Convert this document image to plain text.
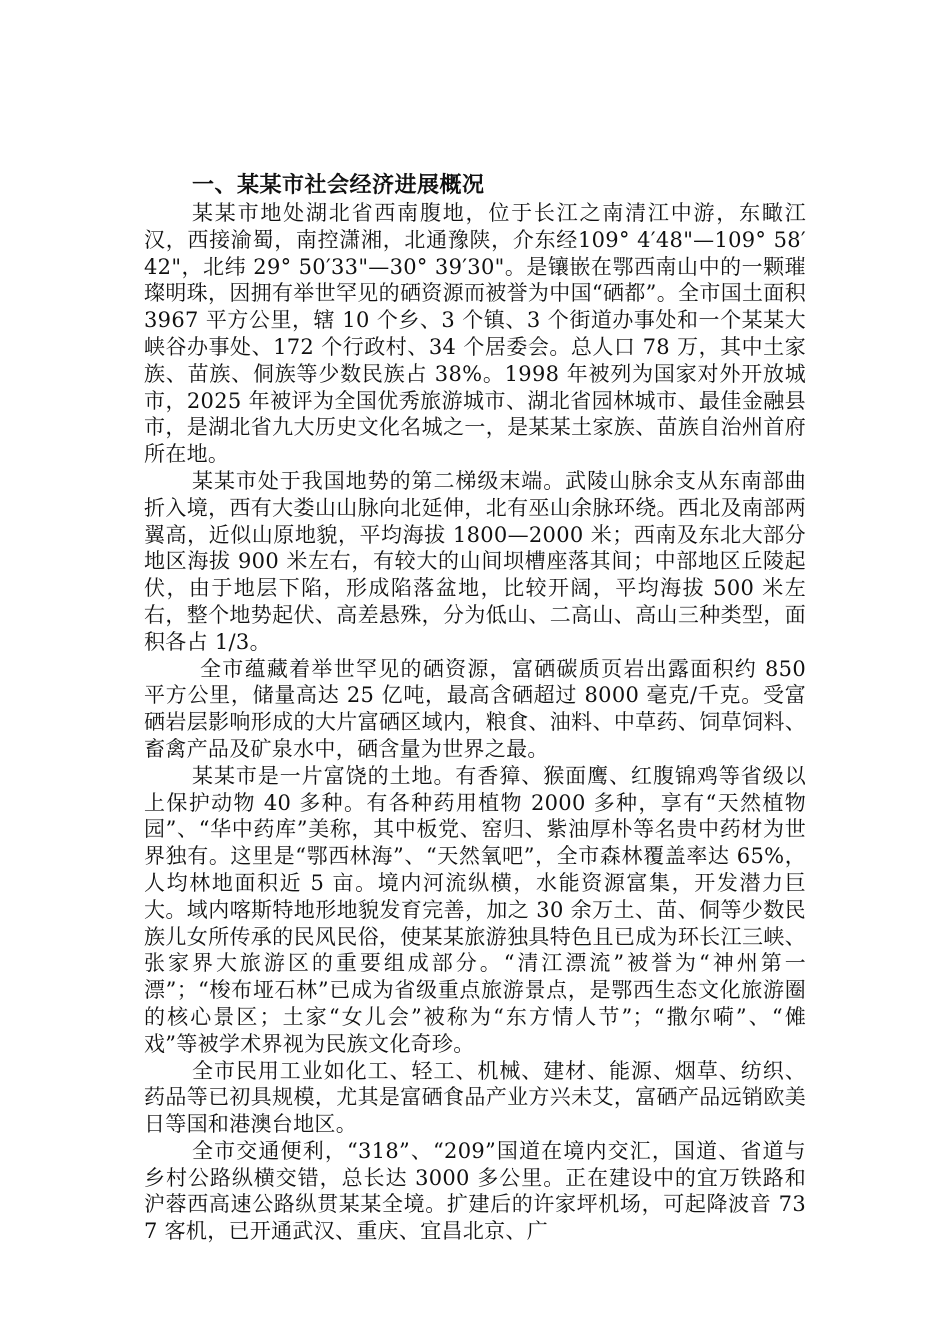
一、某某市社会经济进展概况

某某市地处湖北省西南腹地，位于长江之南清江中游，东瞰江汉，西接渝蜀，南控潇湘，北通豫陕，介东经109° 4′48"—109° 58′42"，北纬 29° 50′33"—30° 39′30"。是镶嵌在鄂西南山中的一颗璀璨明珠，因拥有举世罕见的硒资源而被誉为中国“硒都”。全市国土面积 3967 平方公里，辖 10 个乡、3 个镇、3 个街道办事处和一个某某大峡谷办事处、172 个行政村、34 个居委会。总人口 78 万，其中土家族、苗族、侗族等少数民族占 38%。1998 年被列为国家对外开放城市，2025 年被评为全国优秀旅游城市、湖北省园林城市、最佳金融县市，是湖北省九大历史文化名城之一，是某某土家族、苗族自治州首府所在地。

某某市处于我国地势的第二梯级末端。武陵山脉余支从东南部曲折入境，西有大娄山山脉向北延伸，北有巫山余脉环绕。西北及南部两翼高，近似山原地貌，平均海拔 1800—2000 米；西南及东北大部分地区海拔 900 米左右，有较大的山间坝槽座落其间；中部地区丘陵起伏，由于地层下陷，形成陷落盆地，比较开阔，平均海拔 500 米左右，整个地势起伏、高差悬殊，分为低山、二高山、高山三种类型，面积各占 1/3。

全市蕴藏着举世罕见的硒资源，富硒碳质页岩出露面积约 850 平方公里，储量高达 25 亿吨，最高含硒超过 8000 毫克/千克。受富硒岩层影响形成的大片富硒区域内，粮食、油料、中草药、饲草饲料、畜禽产品及矿泉水中，硒含量为世界之最。

某某市是一片富饶的土地。有香獐、猴面鹰、红腹锦鸡等省级以上保护动物 40 多种。有各种药用植物 2000 多种，享有“天然植物园”、“华中药库”美称，其中板党、窑归、紫油厚朴等名贵中药材为世界独有。这里是“鄂西林海”、“天然氧吧”，全市森林覆盖率达 65%，人均林地面积近 5 亩。境内河流纵横，水能资源富集，开发潜力巨大。域内喀斯特地形地貌发育完善，加之 30 余万土、苗、侗等少数民族儿女所传承的民风民俗，使某某旅游独具特色且已成为环长江三峡、张家界大旅游区的重要组成部分。“清江漂流”被誉为“神州第一漂”；“梭布垭石林”已成为省级重点旅游景点，是鄂西生态文化旅游圈的核心景区；土家“女儿会”被称为“东方情人节”；“撒尔嗬”、“傩戏”等被学术界视为民族文化奇珍。

全市民用工业如化工、轻工、机械、建材、能源、烟草、纺织、药品等已初具规模，尤其是富硒食品产业方兴未艾，富硒产品远销欧美日等国和港澳台地区。

全市交通便利，“318”、“209”国道在境内交汇，国道、省道与乡村公路纵横交错，总长达 3000 多公里。正在建设中的宜万铁路和沪蓉西高速公路纵贯某某全境。扩建后的许家坪机场，可起降波音 737 客机，已开通武汉、重庆、宜昌北京、广
